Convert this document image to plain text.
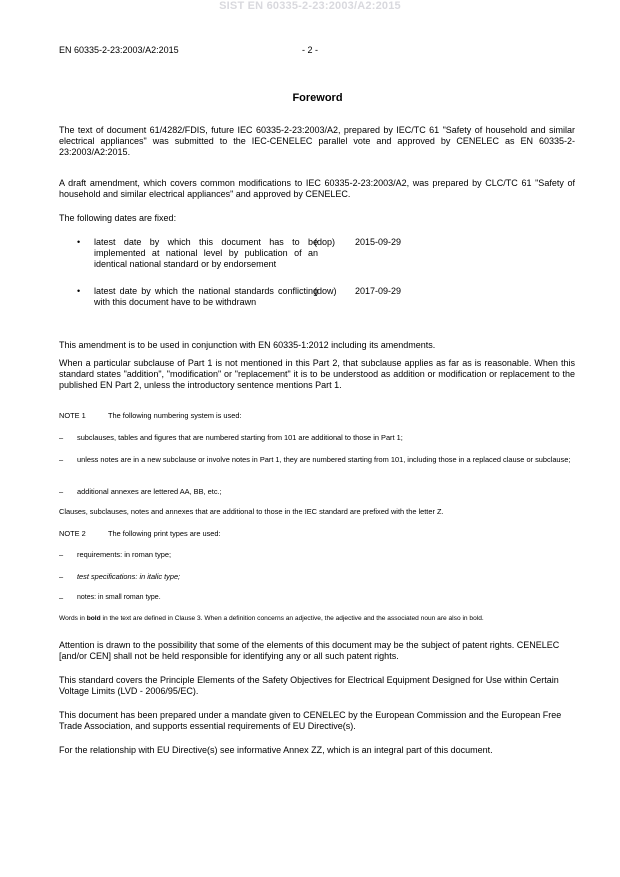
SIST EN 60335-2-23:2003/A2:2015
EN 60335-2-23:2003/A2:2015	- 2 -
Foreword
The text of document 61/4282/FDIS, future IEC 60335-2-23:2003/A2, prepared by IEC/TC 61 "Safety of household and similar electrical appliances" was submitted to the IEC-CENELEC parallel vote and approved by CENELEC as EN 60335-2-23:2003/A2:2015.
A draft amendment, which covers common modifications to IEC 60335-2-23:2003/A2, was prepared by CLC/TC 61 "Safety of household and similar electrical appliances" and approved by CENELEC.
The following dates are fixed:
• latest date by which this document has to be implemented at national level by publication of an identical national standard or by endorsement
(dop) 2015-09-29
• latest date by which the national standards conflicting with this document have to be withdrawn
(dow) 2017-09-29
This amendment is to be used in conjunction with EN 60335-1:2012 including its amendments.
When a particular subclause of Part 1 is not mentioned in this Part 2, that subclause applies as far as is reasonable. When this standard states "addition", "modification" or "replacement" it is to be understood as addition or modification or replacement to the published EN Part 2, unless the introductory sentence mentions Part 1.
NOTE 1	The following numbering system is used:
– subclauses, tables and figures that are numbered starting from 101 are additional to those in Part 1;
– unless notes are in a new subclause or involve notes in Part 1, they are numbered starting from 101, including those in a replaced clause or subclause;
– additional annexes are lettered AA, BB, etc.;
Clauses, subclauses, notes and annexes that are additional to those in the IEC standard are prefixed with the letter Z.
NOTE 2	The following print types are used:
– requirements: in roman type;
– test specifications: in italic type;
– notes: in small roman type.
Words in bold in the text are defined in Clause 3. When a definition concerns an adjective, the adjective and the associated noun are also in bold.
Attention is drawn to the possibility that some of the elements of this document may be the subject of patent rights. CENELEC [and/or CEN] shall not be held responsible for identifying any or all such patent rights.
This standard covers the Principle Elements of the Safety Objectives for Electrical Equipment Designed for Use within Certain Voltage Limits (LVD - 2006/95/EC).
This document has been prepared under a mandate given to CENELEC by the European Commission and the European Free Trade Association, and supports essential requirements of EU Directive(s).
For the relationship with EU Directive(s) see informative Annex ZZ, which is an integral part of this document.
